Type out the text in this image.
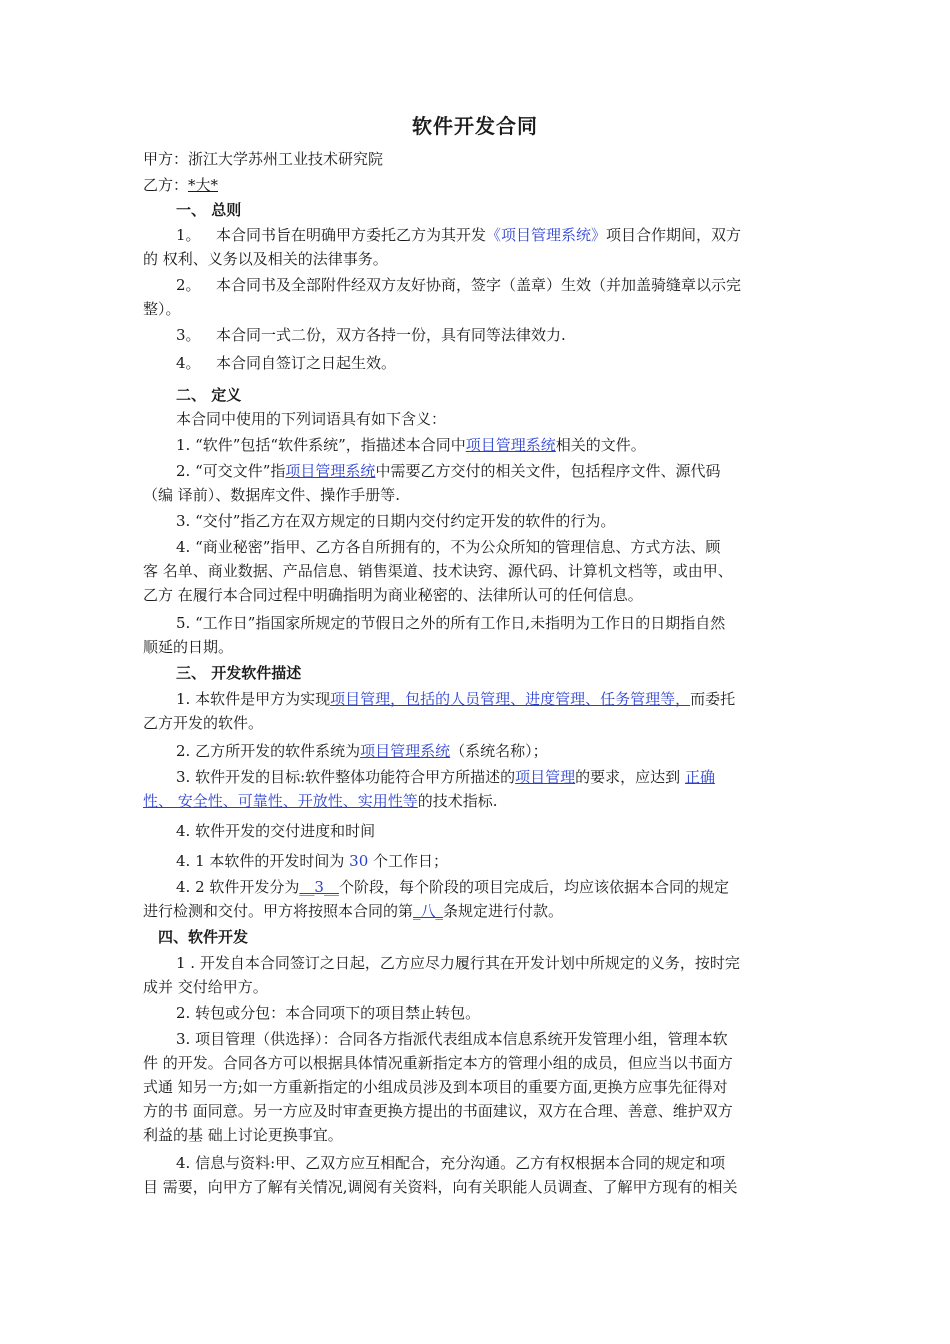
软件开发合同
甲方：浙江大学苏州工业技术研究院
乙方：*大*
一、 总则
1。 本合同书旨在明确甲方委托乙方为其开发《项目管理系统》项目合作期间，双方
的 权利、义务以及相关的法律事务。
2。 本合同书及全部附件经双方友好协商，签字（盖章）生效（并加盖骑缝章以示完
整）。
3。 本合同一式二份，双方各持一份，具有同等法律效力.
4。 本合同自签订之日起生效。
二、 定义
本合同中使用的下列词语具有如下含义：
1. “软件”包括“软件系统”，指描述本合同中项目管理系统相关的文件。
2. “可交文件”指项目管理系统中需要乙方交付的相关文件，包括程序文件、源代码
（编 译前）、数据库文件、操作手册等.
3. “交付”指乙方在双方规定的日期内交付约定开发的软件的行为。
4. “商业秘密”指甲、乙方各自所拥有的，不为公众所知的管理信息、方式方法、顾
客 名单、商业数据、产品信息、销售渠道、技术诀窍、源代码、计算机文档等，或由甲、
乙方 在履行本合同过程中明确指明为商业秘密的、法律所认可的任何信息。
5. “工作日”指国家所规定的节假日之外的所有工作日,未指明为工作日的日期指自然
顺延的日期。
三、 开发软件描述
1. 本软件是甲方为实现项目管理，包括的人员管理、进度管理、任务管理等，而委托
乙方开发的软件。
2. 乙方所开发的软件系统为项目管理系统（系统名称）；
3. 软件开发的目标:软件整体功能符合甲方所描述的项目管理的要求，应达到 正确
性、 安全性、可靠性、开放性、实用性等的技术指标.
4. 软件开发的交付进度和时间
4. 1 本软件的开发时间为 30 个工作日；
4. 2 软件开发分为__3__个阶段，每个阶段的项目完成后，均应该依据本合同的规定
进行检测和交付。甲方将按照本合同的第_八_条规定进行付款。
四、软件开发
1 . 开发自本合同签订之日起，乙方应尽力履行其在开发计划中所规定的义务，按时完
成并 交付给甲方。
2. 转包或分包：本合同项下的项目禁止转包。
3. 项目管理（供选择）：合同各方指派代表组成本信息系统开发管理小组，管理本软
件 的开发。合同各方可以根据具体情况重新指定本方的管理小组的成员，但应当以书面方
式通 知另一方;如一方重新指定的小组成员涉及到本项目的重要方面,更换方应事先征得对
方的书 面同意。另一方应及时审查更换方提出的书面建议，双方在合理、善意、维护双方
利益的基 础上讨论更换事宜。
4. 信息与资料:甲、乙双方应互相配合，充分沟通。乙方有权根据本合同的规定和项
目 需要，向甲方了解有关情况,调阅有关资料，向有关职能人员调查、了解甲方现有的相关
